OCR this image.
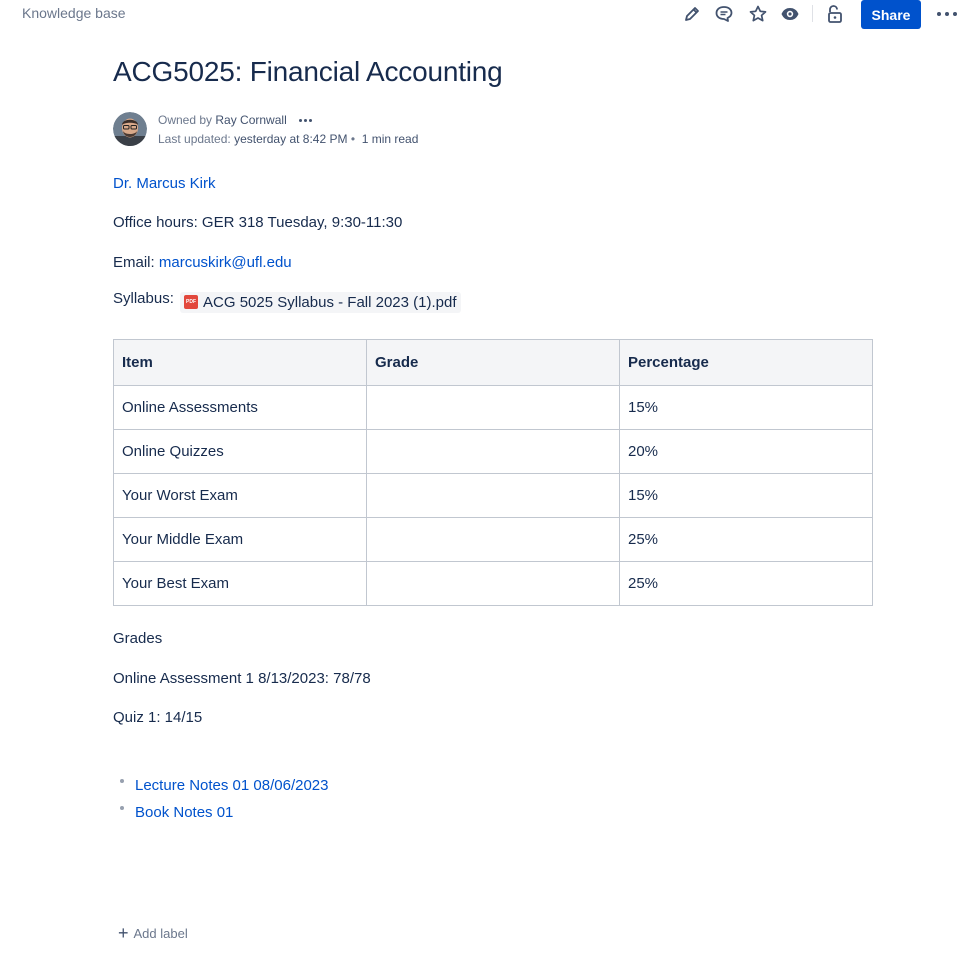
Knowledge base	Share
ACG5025: Financial Accounting
Owned by Ray Cornwall
Last updated: yesterday at 8:42 PM • 1 min read

Dr. Marcus Kirk

Office hours: GER 318 Tuesday, 9:30-11:30

Email: marcuskirk@ufl.edu

Syllabus:	PDF ACG 5025 Syllabus - Fall 2023 (1).pdf

Item	Grade	Percentage
Online Assessments		15%
Online Quizzes		20%
Your Worst Exam		15%
Your Middle Exam		25%
Your Best Exam		25%

Grades

Online Assessment 1 8/13/2023: 78/78

Quiz 1: 14/15

Lecture Notes 01 08/06/2023
Book Notes 01
+ Add label
